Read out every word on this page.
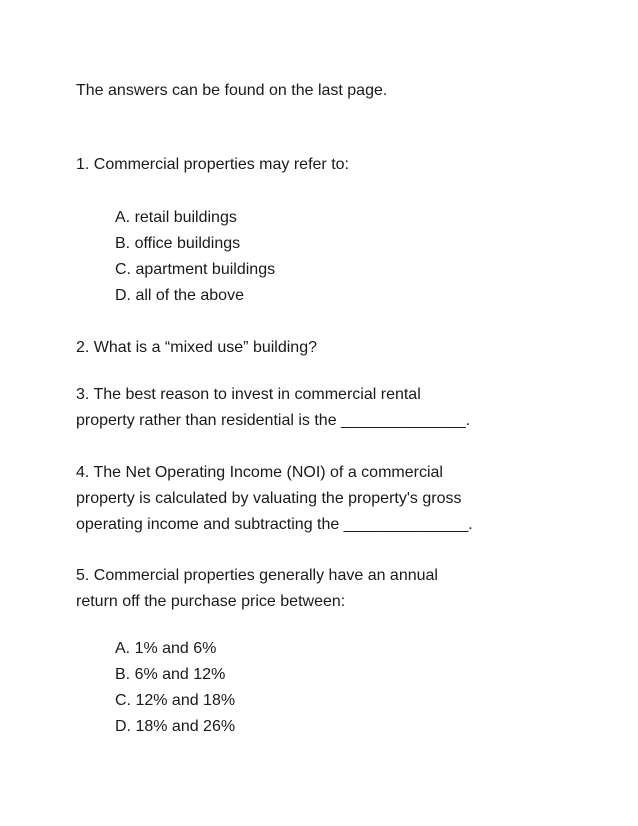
The answers can be found on the last page.
1. Commercial properties may refer to:
A. retail buildings
B. office buildings
C. apartment buildings
D. all of the above
2. What is a “mixed use” building?
3. The best reason to invest in commercial rental
property rather than residential is the ______________.
4. The Net Operating Income (NOI) of a commercial
property is calculated by valuating the property's gross
operating income and subtracting the ______________.
5. Commercial properties generally have an annual
return off the purchase price between:
A. 1% and 6%
B. 6% and 12%
C. 12% and 18%
D. 18% and 26%
